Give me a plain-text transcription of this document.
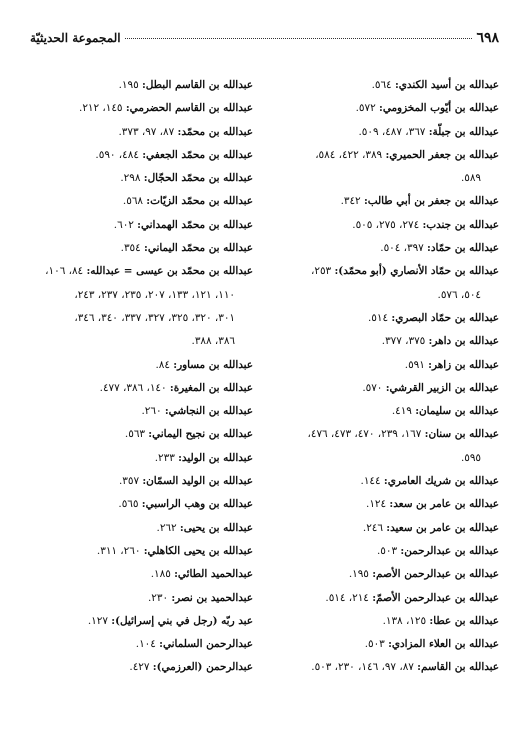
٦٩٨
المجموعة الحديثيّة
عبدالله بن أسيد الكندي: ٥٦٤.
عبدالله بن أيّوب المخزومي: ٥٧٢.
عبدالله بن جبلّة: ٣٦٧، ٤٨٧، ٥٠٩.
عبدالله بن جعفر الحميري: ٣٨٩، ٤٢٢، ٥٨٤،
٥٨٩.
عبدالله بن جعفر بن أبي طالب: ٣٤٢.
عبدالله بن جندب: ٢٧٤، ٢٧٥، ٥٠٥.
عبدالله بن حمّاد: ٣٩٧، ٥٠٤.
عبدالله بن حمّاد الأنصاري (أبو محمّد): ٢٥٣،
٥٠٤، ٥٧٦.
عبدالله بن حمّاد البصري: ٥١٤.
عبدالله بن داهر: ٣٧٥، ٣٧٧.
عبدالله بن زاهر: ٥٩١.
عبدالله بن الزبير القرشي: ٥٧٠.
عبدالله بن سليمان: ٤١٩.
عبدالله بن سنان: ١٦٧، ٢٣٩، ٤٧٠، ٤٧٣، ٤٧٦،
٥٩٥.
عبدالله بن شريك العامري: ١٤٤.
عبدالله بن عامر بن سعد: ١٢٤.
عبدالله بن عامر بن سعيد: ٢٤٦.
عبدالله بن عبدالرحمن: ٥٠٣.
عبدالله بن عبدالرحمن الأصم: ١٩٥.
عبدالله بن عبدالرحمن الأصمّ: ٢١٤، ٥١٤.
عبدالله بن عطا: ١٢٥، ١٣٨.
عبدالله بن العلاء المزادي: ٥٠٣.
عبدالله بن القاسم: ٨٧، ٩٧، ١٤٦، ٢٣٠، ٥٠٣.
عبدالله بن القاسم البطل: ١٩٥.
عبدالله بن القاسم الحضرمي: ١٤٥، ٢١٢.
عبدالله بن محمّد: ٨٧، ٩٧، ٣٧٣.
عبدالله بن محمّد الجعفي: ٤٨٤، ٥٩٠.
عبدالله بن محمّد الحجّال: ٢٩٨.
عبدالله بن محمّد الزيّات: ٥٦٨.
عبدالله بن محمّد الهمداني: ٦٠٢.
عبدالله بن محمّد اليماني: ٣٥٤.
عبدالله بن محمّد بن عيسى = عبدالله: ٨٤، ١٠٦،
١١٠، ١٢١، ١٣٣، ٢٠٧، ٢٣٥، ٢٣٧، ٢٤٣،
٣٠١، ٣٢٠، ٣٢٥، ٣٢٧، ٣٣٧، ٣٤٠، ٣٤٦،
٣٨٦، ٣٨٨.
عبدالله بن مساور: ٨٤.
عبدالله بن المغيرة: ١٤٠، ٣٨٦، ٤٧٧.
عبدالله بن النجاشي: ٢٦٠.
عبدالله بن نجيح اليماني: ٥٦٣.
عبدالله بن الوليد: ٢٣٣.
عبدالله بن الوليد السمّان: ٣٥٧.
عبدالله بن وهب الراسبي: ٥٦٥.
عبدالله بن يحيى: ٢٦٢.
عبدالله بن يحيى الكاهلي: ٢٦٠، ٣١١.
عبدالحميد الطائي: ١٨٥.
عبدالحميد بن نصر: ٢٣٠.
عبد ربّه (رجل في بني إسرائيل): ١٢٧.
عبدالرحمن السلماني: ١٠٤.
عبدالرحمن (العرزمي): ٤٢٧.
